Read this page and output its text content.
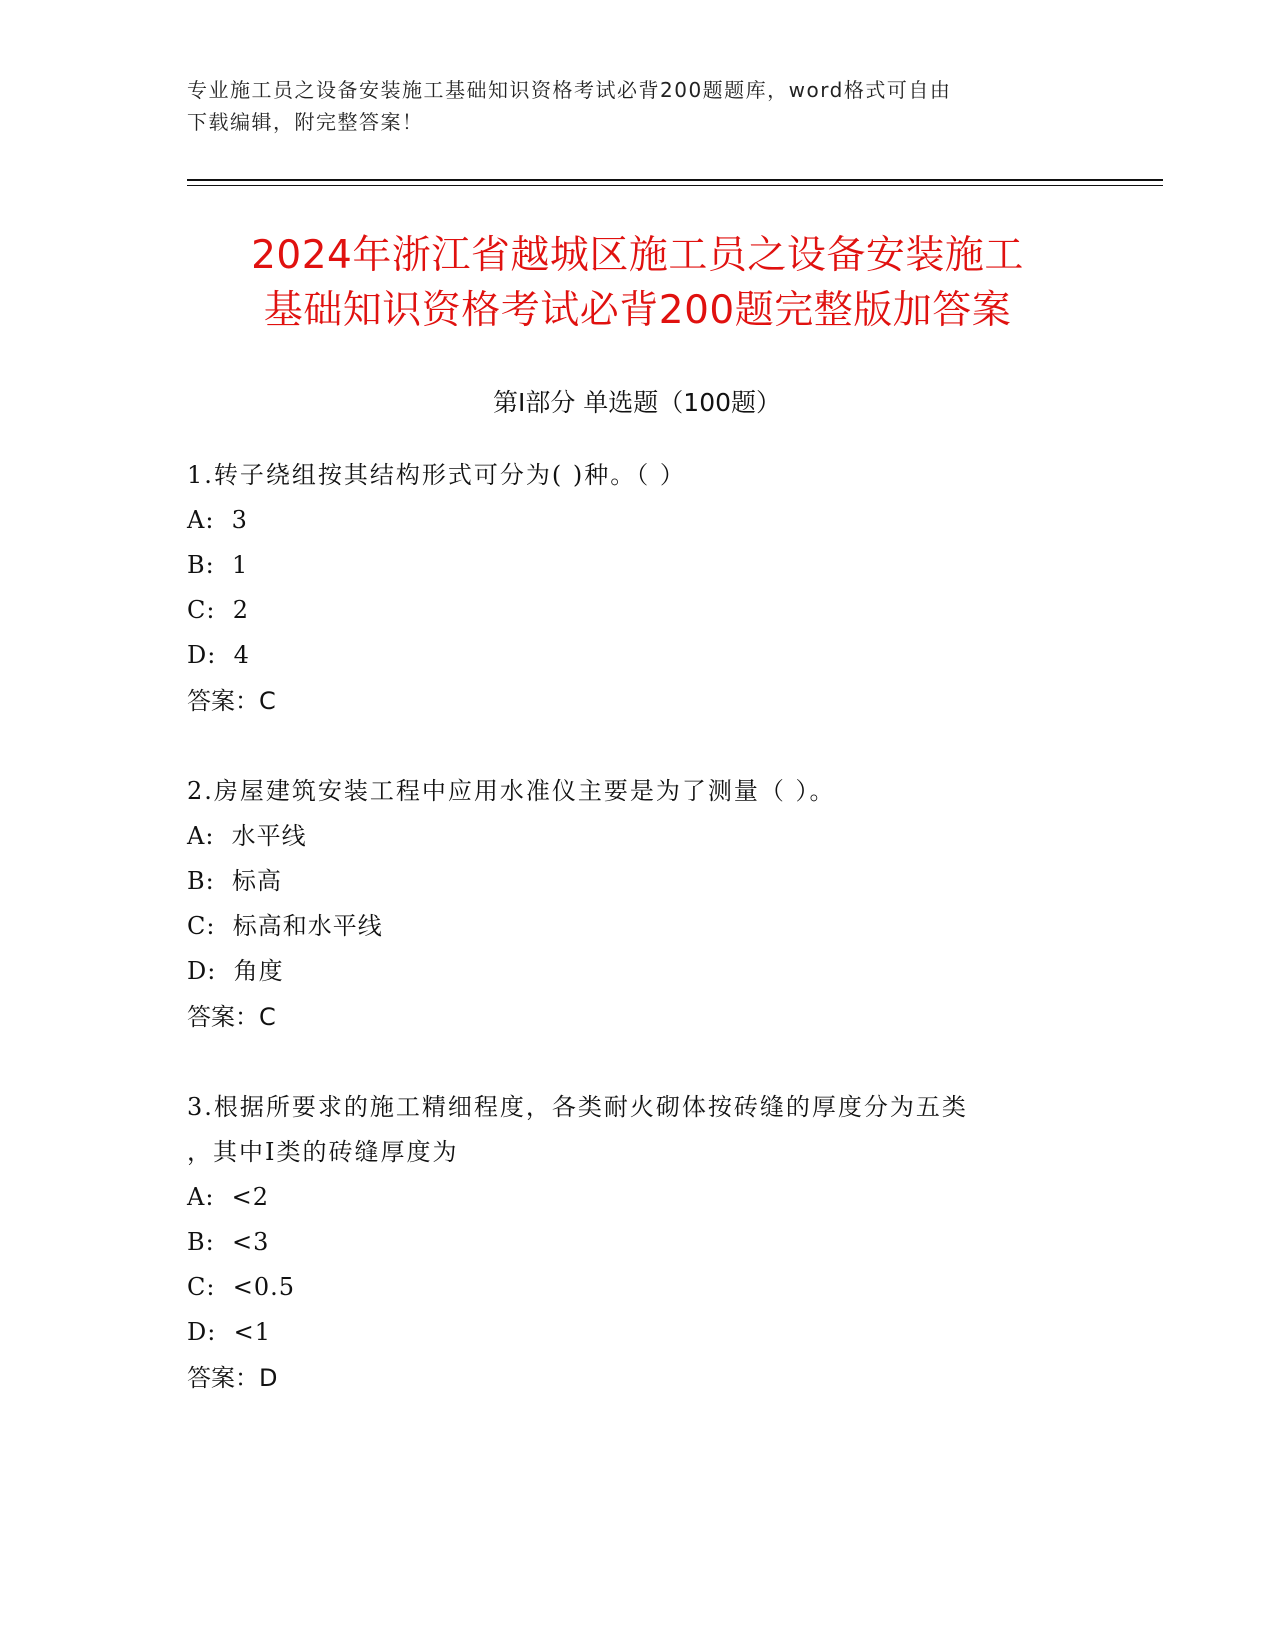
专业施工员之设备安装施工基础知识资格考试必背200题题库，word格式可自由
下载编辑，附完整答案！
2024年浙江省越城区施工员之设备安装施工
基础知识资格考试必背200题完整版加答案
第Ⅰ部分 单选题（100题）

1.转子绕组按其结构形式可分为( )种。（ ）

A:  3

B:  1

C:  2

D:  4

答案：C

2.房屋建筑安装工程中应用水准仪主要是为了测量（ ）。

A:  水平线

B:  标高

C:  标高和水平线

D:  角度

答案：C

3.根据所要求的施工精细程度，各类耐火砌体按砖缝的厚度分为五类

，其中Ⅰ类的砖缝厚度为

A:  <2

B:  <3

C:  <0.5

D:  <1

答案：D
